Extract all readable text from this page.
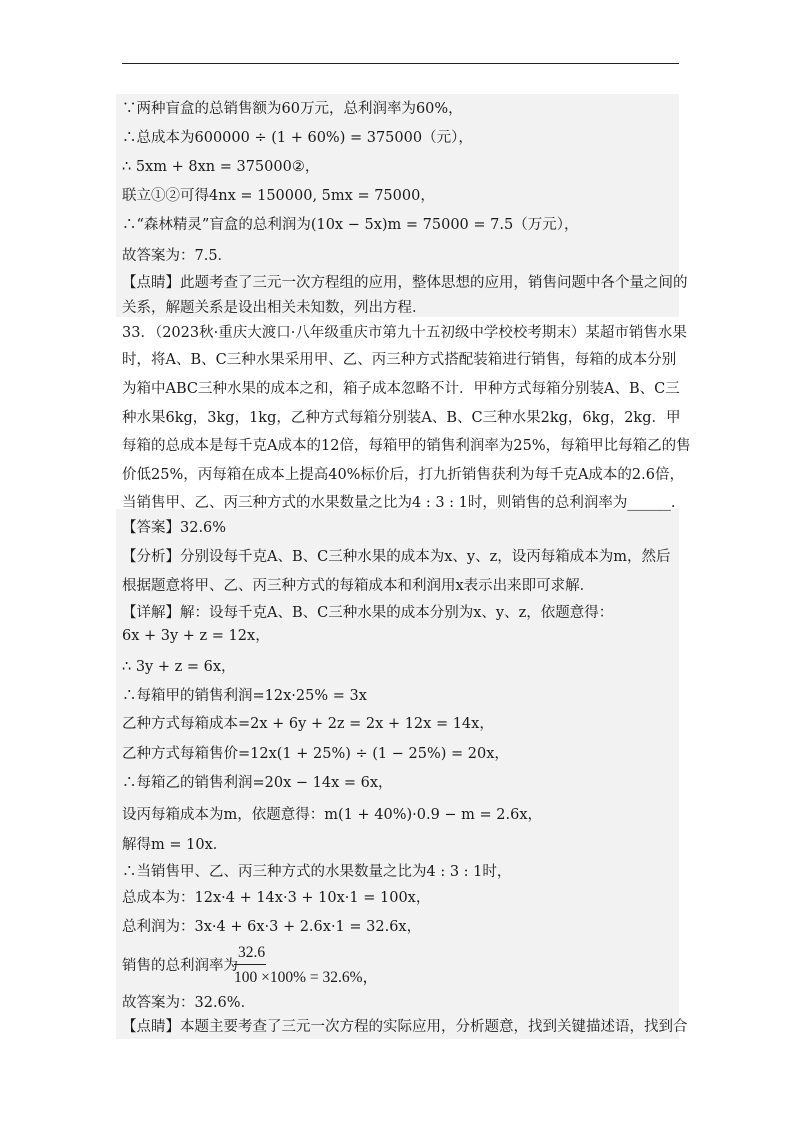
∵两种盲盒的总销售额为60万元，总利润率为60%，
∴总成本为600000 ÷ (1 + 60%) = 375000（元），
∴ 5xm + 8xn = 375000②，
联立①②可得4nx = 150000, 5mx = 75000，
∴“森林精灵”盲盒的总利润为(10x − 5x)m = 75000 = 7.5（万元），
故答案为：7.5．
【点睛】此题考查了三元一次方程组的应用，整体思想的应用，销售问题中各个量之间的
关系，解题关系是设出相关未知数，列出方程．
33．（2023秋·重庆大渡口·八年级重庆市第九十五初级中学校校考期末）某超市销售水果
时，将A、B、C三种水果采用甲、乙、丙三种方式搭配装箱进行销售，每箱的成本分别
为箱中ABC三种水果的成本之和，箱子成本忽略不计．甲种方式每箱分别装A、B、C三
种水果6kg，3kg，1kg，乙种方式每箱分别装A、B、C三种水果2kg，6kg，2kg．甲
每箱的总成本是每千克A成本的12倍，每箱甲的销售利润率为25%，每箱甲比每箱乙的售
价低25%，丙每箱在成本上提高40%标价后，打九折销售获利为每千克A成本的2.6倍，
当销售甲、乙、丙三种方式的水果数量之比为4 : 3 : 1时，则销售的总利润率为______.
【答案】32.6%
【分析】分别设每千克A、B、C三种水果的成本为x、y、z，设丙每箱成本为m，然后
根据题意将甲、乙、丙三种方式的每箱成本和利润用x表示出来即可求解．
【详解】解：设每千克A、B、C三种水果的成本分别为x、y、z，依题意得：
6x + 3y + z = 12x，
∴ 3y + z = 6x，
∴每箱甲的销售利润=12x·25% = 3x
乙种方式每箱成本=2x + 6y + 2z = 2x + 12x = 14x，
乙种方式每箱售价=12x(1 + 25%) ÷ (1 − 25%) = 20x，
∴每箱乙的销售利润=20x − 14x = 6x，
设丙每箱成本为m，依题意得：m(1 + 40%)·0.9 − m = 2.6x，
解得m = 10x．
∴当销售甲、乙、丙三种方式的水果数量之比为4 : 3 : 1时，
总成本为：12x·4 + 14x·3 + 10x·1 = 100x，
总利润为：3x·4 + 6x·3 + 2.6x·1 = 32.6x，
销售的总利润率为
故答案为：32.6%．
【点睛】本题主要考查了三元一次方程的实际应用，分析题意，找到关键描述语，找到合
32.6
100 ×100% = 32.6%，
